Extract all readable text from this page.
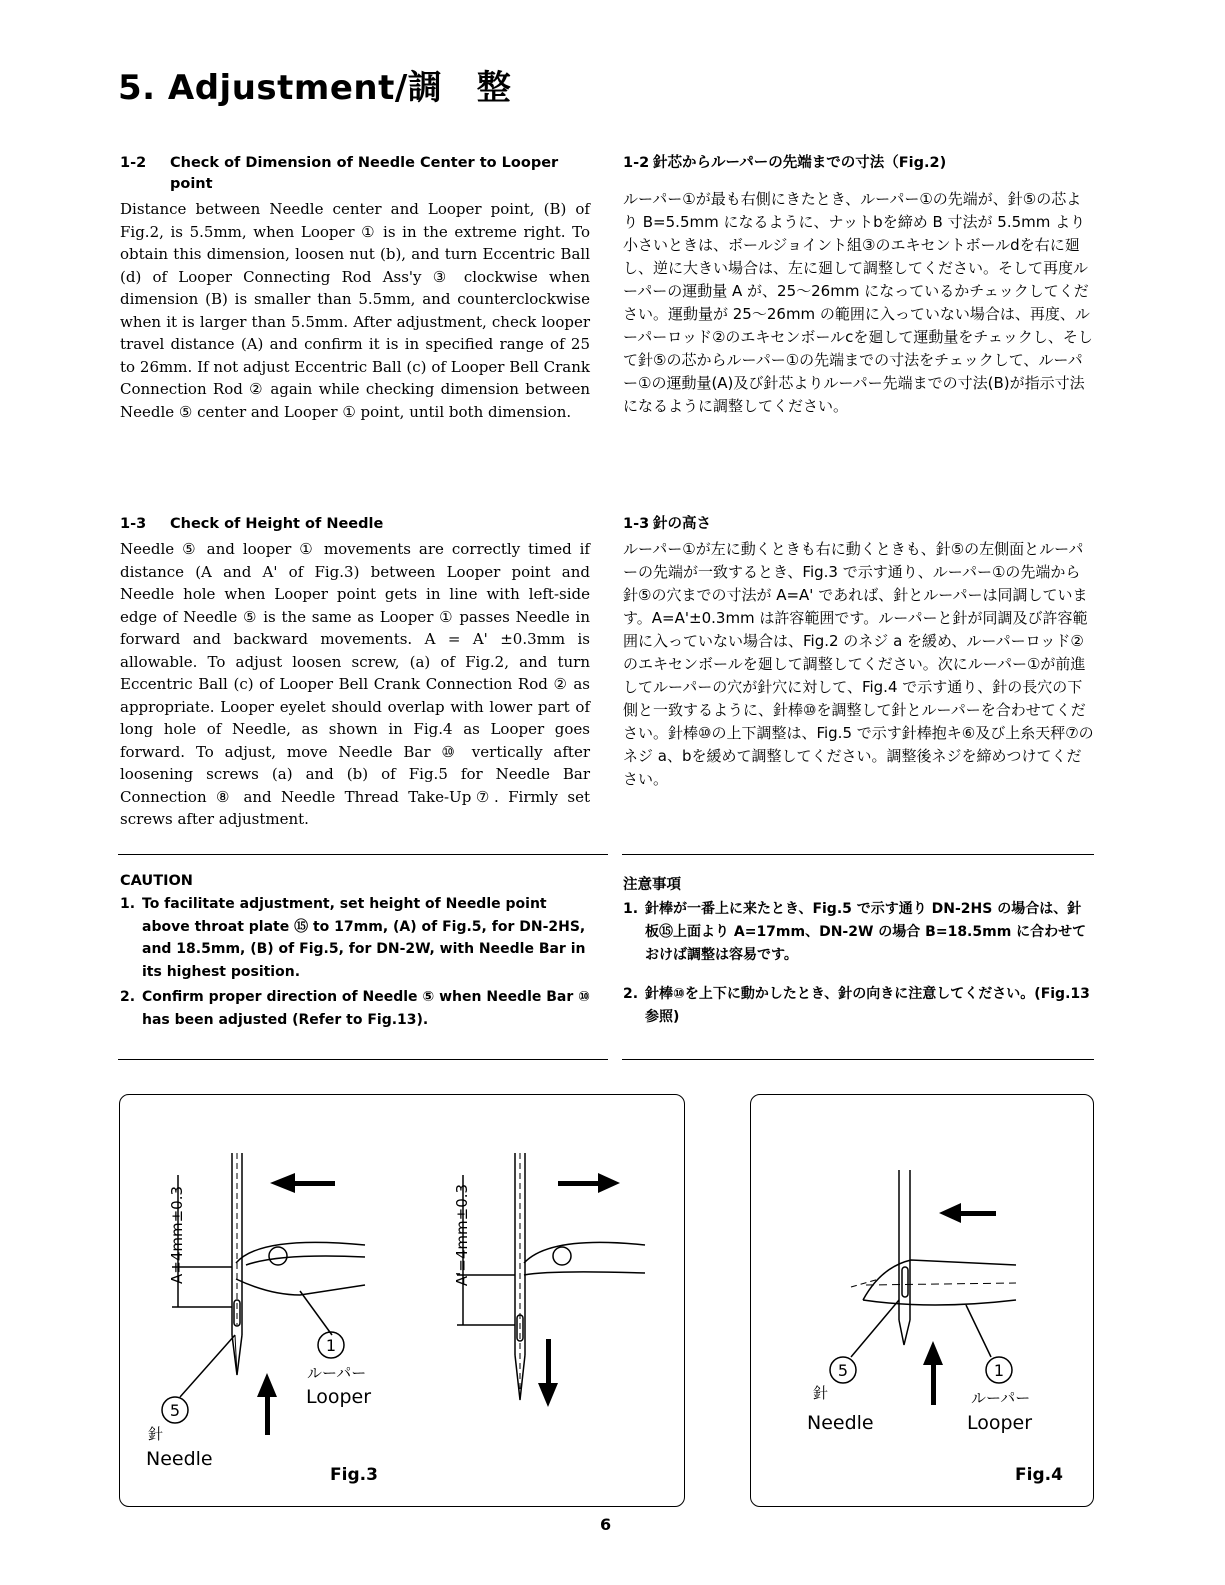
5. Adjustment/調　整
1-2	Check of Dimension of Needle Center to Looper point
Distance between Needle center and Looper point, (B) of Fig.2, is 5.5mm, when Looper ① is in the extreme right. To obtain this dimension, loosen nut (b), and turn Eccentric Ball (d) of Looper Connecting Rod Ass'y ③ clockwise when dimension (B) is smaller than 5.5mm, and counterclockwise when it is larger than 5.5mm. After adjustment, check looper travel distance (A) and confirm it is in specified range of 25 to 26mm. If not adjust Eccentric Ball (c) of Looper Bell Crank Connection Rod ② again while checking dimension between Needle ⑤ center and Looper ① point, until both dimension.
1-2 針芯からルーパーの先端までの寸法（Fig.2)
ルーパー①が最も右側にきたとき、ルーパー①の先端が、針⑤の芯より B=5.5mm になるように、ナットbを締め B 寸法が 5.5mm より小さいときは、ボールジョイント組③のエキセントボールdを右に廻し、逆に大きい場合は、左に廻して調整してください。そして再度ルーパーの運動量 A が、25〜26mm になっているかチェックしてください。運動量が 25〜26mm の範囲に入っていない場合は、再度、ルーパーロッド②のエキセンボールcを廻して運動量をチェックし、そして針⑤の芯からルーパー①の先端までの寸法をチェックして、ルーパー①の運動量(A)及び針芯よりルーパー先端までの寸法(B)が指示寸法になるように調整してください。
1-3	Check of Height of Needle
Needle ⑤ and looper ① movements are correctly timed if distance (A and A' of Fig.3) between Looper point and Needle hole when Looper point gets in line with left-side edge of Needle ⑤ is the same as Looper ① passes Needle in forward and backward movements. A = A' ±0.3mm is allowable. To adjust loosen screw, (a) of Fig.2, and turn Eccentric Ball (c) of Looper Bell Crank Connection Rod ② as appropriate. Looper eyelet should overlap with lower part of long hole of Needle, as shown in Fig.4 as Looper goes forward. To adjust, move Needle Bar ⑩ vertically after loosening screws (a) and (b) of Fig.5 for Needle Bar Connection ⑧ and Needle Thread Take-Up⑦. Firmly set screws after adjustment.
1-3 針の高さ
ルーパー①が左に動くときも右に動くときも、針⑤の左側面とルーパーの先端が一致するとき、Fig.3 で示す通り、ルーパー①の先端から針⑤の穴までの寸法が A=A' であれば、針とルーパーは同調しています。A=A'±0.3mm は許容範囲です。ルーパーと針が同調及び許容範囲に入っていない場合は、Fig.2 のネジ a を緩め、ルーパーロッド②のエキセンボールを廻して調整してください。次にルーパー①が前進してルーパーの穴が針穴に対して、Fig.4 で示す通り、針の長穴の下側と一致するように、針棒⑩を調整して針とルーパーを合わせてください。針棒⑩の上下調整は、Fig.5 で示す針棒抱キ⑥及び上糸天秤⑦のネジ a、bを緩めて調整してください。調整後ネジを締めつけてください。
CAUTION
1. To facilitate adjustment, set height of Needle point above throat plate ⑮ to 17mm, (A) of Fig.5, for DN-2HS, and 18.5mm, (B) of Fig.5, for DN-2W, with Needle Bar in its highest position.
2. Confirm proper direction of Needle ⑤ when Needle Bar ⑩ has been adjusted (Refer to Fig.13).
注意事項
1. 針棒が一番上に来たとき、Fig.5 で示す通り DN-2HS の場合は、針板⑮上面より A=17mm、DN-2W の場合 B=18.5mm に合わせておけば調整は容易です。
2. 針棒⑩を上下に動かしたとき、針の向きに注意してください。(Fig.13 参照)
A=4mm±0.3	A'=4mm±0.3
1
ルーパー
Looper
5
針
Needle
Fig.3
5
針
Needle
1
ルーパー
Looper
Fig.4
6
